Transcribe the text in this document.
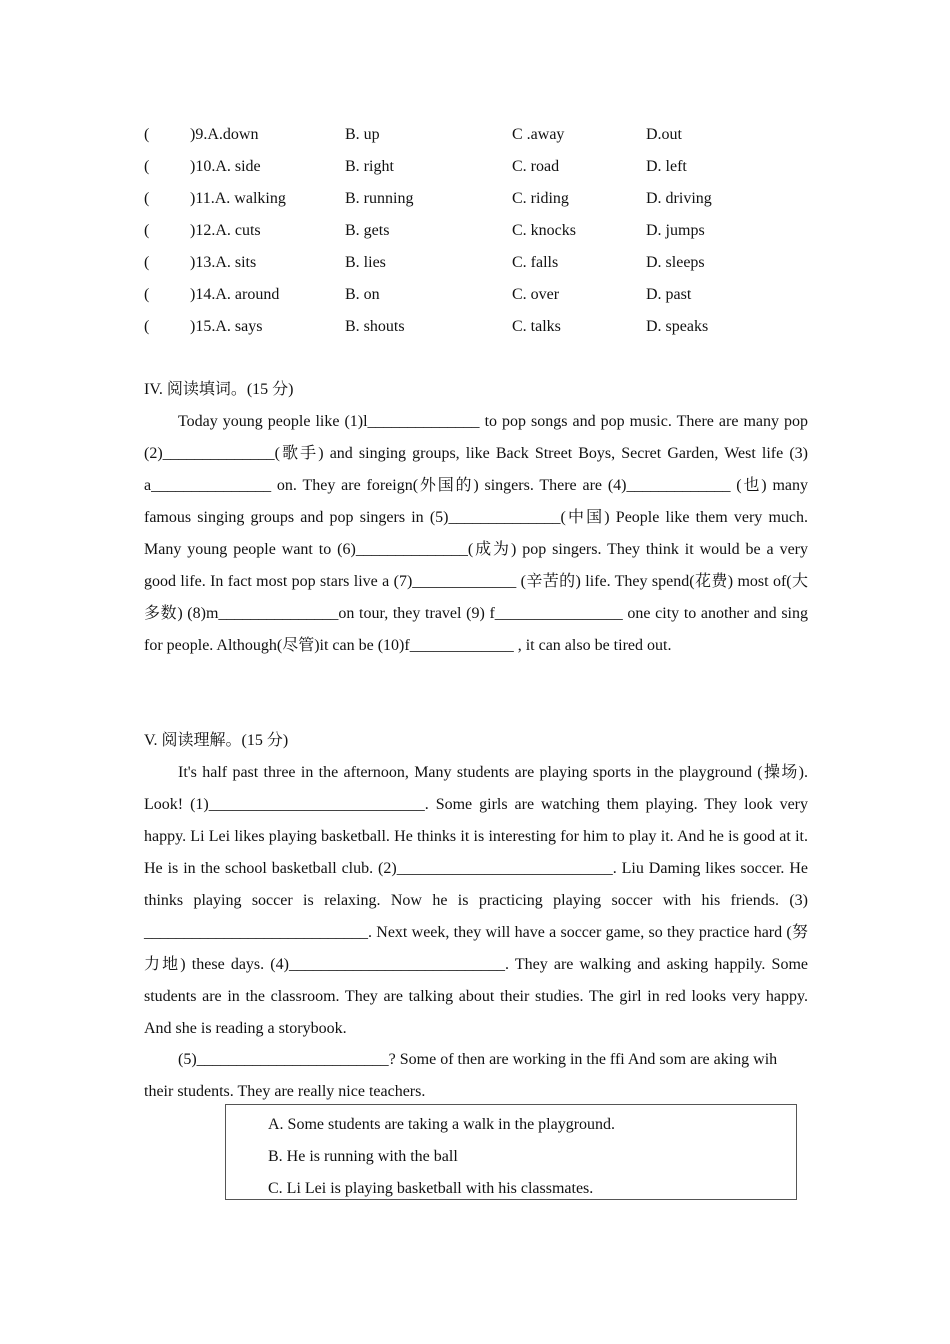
(	)9.A.down	B. up	C .away	D.out
(	)10.A. side	B. right	C. road	D. left
(	)11.A. walking	B. running	C. riding	D. driving
(	)12.A. cuts	B. gets	C. knocks	D. jumps
(	)13.A. sits	B. lies	C. falls	D. sleeps
(	)14.A. around	B. on	C. over	D. past
(	)15.A. says	B. shouts	C. talks	D. speaks
IV. 阅读填词。(15 分)

Today young people like (1)l______________ to pop songs and pop music. There are many pop (2)______________(歌手) and singing groups, like Back Street Boys, Secret Garden, West life (3) a_______________ on. They are foreign(外国的) singers. There are (4)_____________ (也) many famous singing groups and pop singers in (5)______________(中国) People like them very much. Many young people want to (6)______________(成为) pop singers. They think it would be a very good life. In fact most pop stars live a (7)_____________ (辛苦的) life. They spend(花费) most of(大多数) (8)m_______________on tour, they travel (9) f________________ one city to another and sing for people. Although(尽管)it can be (10)f_____________ , it can also be tired out.

V. 阅读理解。(15 分)

It's half past three in the afternoon, Many students are playing sports in the playground (操场). Look! (1)___________________________. Some girls are watching them playing. They look very happy. Li Lei likes playing basketball. He thinks it is interesting for him to play it. And he is good at it. He is in the school basketball club. (2)___________________________. Liu Daming likes soccer. He thinks playing soccer is relaxing. Now he is practicing playing soccer with his friends. (3) ____________________________. Next week, they will have a soccer game, so they practice hard (努力地) these days. (4)___________________________. They are walking and asking happily. Some students are in the classroom. They are talking about their studies. The girl in red looks very happy. And she is reading a storybook.

(5)________________________? Some of then are working in the ffi And som are aking wih
their students. They are really nice teachers.
A. Some students are taking a walk in the playground.
B. He is running with the ball
C. Li Lei is playing basketball with his classmates.
